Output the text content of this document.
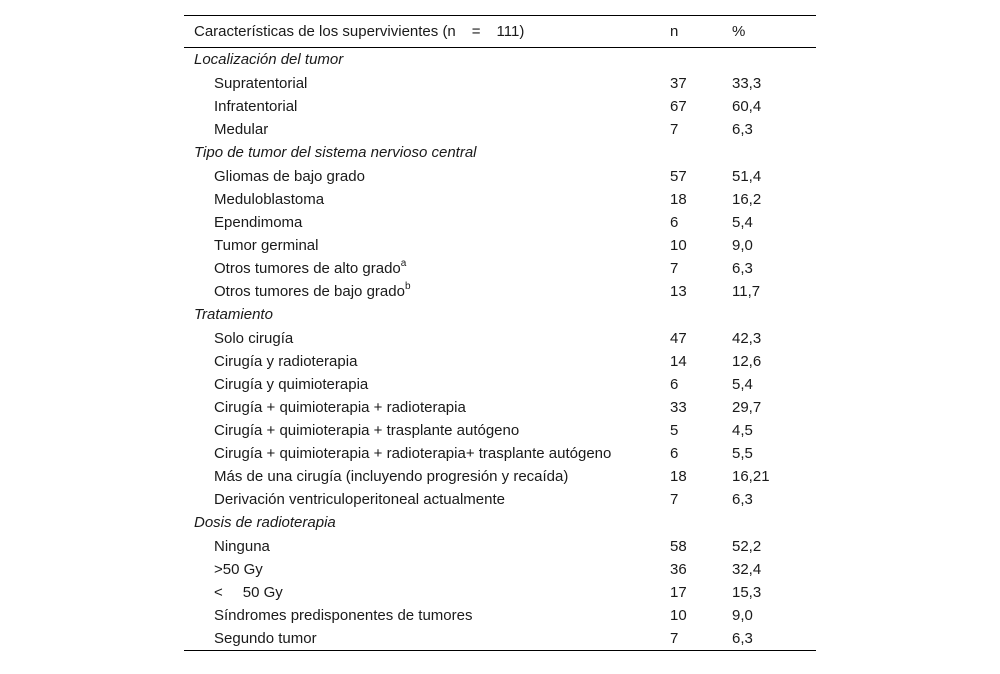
Características de los supervivientes (n = 111)	n	%
Localización del tumor		
Supratentorial	37	33,3
Infratentorial	67	60,4
Medular	7	6,3
Tipo de tumor del sistema nervioso central		
Gliomas de bajo grado	57	51,4
Meduloblastoma	18	16,2
Ependimoma	6	5,4
Tumor germinal	10	9,0
Otros tumores de alto grado$^a$	7	6,3
Otros tumores de bajo grado$^b$	13	11,7
Tratamiento		
Solo cirugía	47	42,3
Cirugía y radioterapia	14	12,6
Cirugía y quimioterapia	6	5,4
Cirugía + quimioterapia + radioterapia	33	29,7
Cirugía + quimioterapia + trasplante autógeno	5	4,5
Cirugía + quimioterapia + radioterapia+ trasplante autógeno	6	5,5
Más de una cirugía (incluyendo progresión y recaída)	18	16,21
Derivación ventriculoperitoneal actualmente	7	6,3
Dosis de radioterapia		
Ninguna	58	52,2
>50 Gy	36	32,4
< 50 Gy	17	15,3
Síndromes predisponentes de tumores	10	9,0
Segundo tumor	7	6,3
